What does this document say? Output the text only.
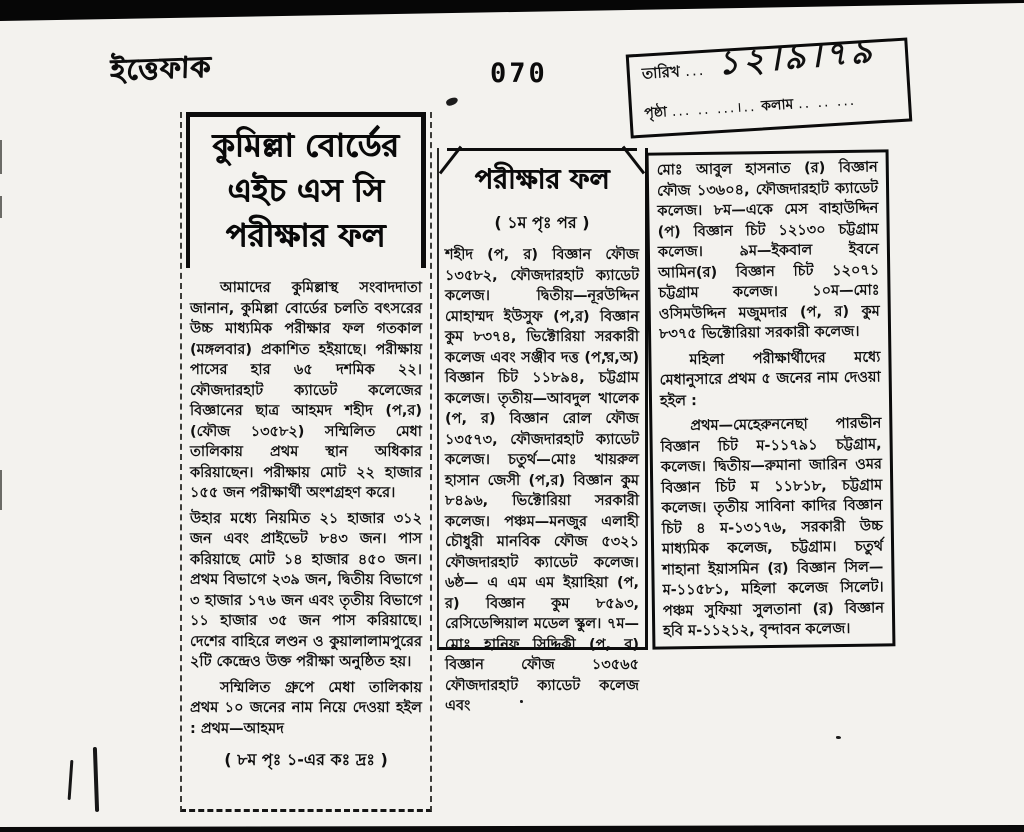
ইত্তেফাক	070	তারিখ ... ১২।৯।৭৯
পৃষ্ঠা ... .. ...।.. কলাম .. .. ...
কুমিল্লা বোর্ডের
এইচ এস সি
পরীক্ষার ফল

আমাদের কুমিল্লাস্থ সংবাদদাতা জানান, কুমিল্লা বোর্ডের চলতি বৎসরের উচ্চ মাধ্যমিক পরীক্ষার ফল গতকাল (মঙ্গলবার) প্রকাশিত হইয়াছে। পরীক্ষায় পাসের হার ৬৫ দশমিক ২২। ফৌজদারহাট ক্যাডেট কলেজের বিজ্ঞানের ছাত্র আহমদ শহীদ (প,র) (ফৌজ ১৩৫৮২) সম্মিলিত মেধা তালিকায় প্রথম স্থান অধিকার করিয়াছেন। পরীক্ষায় মোট ২২ হাজার ১৫৫ জন পরীক্ষার্থী অংশগ্রহণ করে।

উহার মধ্যে নিয়মিত ২১ হাজার ৩১২ জন এবং প্রাইভেট ৮৪৩ জন। পাস করিয়াছে মোট ১৪ হাজার ৪৫০ জন। প্রথম বিভাগে ২৩৯ জন, দ্বিতীয় বিভাগে ৩ হাজার ১৭৬ জন এবং তৃতীয় বিভাগে ১১ হাজার ৩৫ জন পাস করিয়াছে। দেশের বাহিরে লণ্ডন ও কুয়ালালামপুরের ২টি কেন্দ্রেও উক্ত পরীক্ষা অনুষ্ঠিত হয়।

সম্মিলিত গ্রুপে মেধা তালিকায় প্রথম ১০ জনের নাম নিয়ে দেওয়া হইল : প্রথম—আহমদ

( ৮ম পৃঃ ১-এর কঃ দ্রঃ )
পরীক্ষার ফল
( ১ম পৃঃ পর )

শহীদ (প, র) বিজ্ঞান ফৌজ ১৩৫৮২, ফৌজদারহাট ক্যাডেট কলেজ। দ্বিতীয়—নূরউদ্দিন মোহাম্মদ ইউসুফ (প,র) বিজ্ঞান কুম ৮৩৭৪, ভিক্টোরিয়া সরকারী কলেজ এবং সঞ্জীব দত্ত (প,র,অ) বিজ্ঞান চিট ১১৮৯৪, চট্টগ্রাম কলেজ। তৃতীয়—আবদুল খালেক (প, র) বিজ্ঞান রোল ফৌজ ১৩৫৭৩, ফৌজদারহাট ক্যাডেট কলেজ। চতুর্থ—মোঃ খায়রুল হাসান জেসী (প,র) বিজ্ঞান কুম ৮৪৯৬, ভিক্টোরিয়া সরকারী কলেজ। পঞ্চম—মনজুর এলাহী চৌধুরী মানবিক ফৌজ ৫৩২১ ফৌজদারহাট ক্যাডেট কলেজ। ৬ষ্ঠ— এ এম এম ইয়াহিয়া (প, র) বিজ্ঞান কুম ৮৫৯৩, রেসিডেন্সিয়াল মডেল স্কুল। ৭ম—মোঃ হানিফ সিদ্দিকী (প, র) বিজ্ঞান ফৌজ ১৩৫৬৫ ফৌজদারহাট ক্যাডেট কলেজ এবং

মোঃ আবুল হাসনাত (র) বিজ্ঞান ফৌজ ১৩৬০৪, ফৌজদারহাট ক্যাডেট কলেজ। ৮ম—একে মেস বাহাউদ্দিন (প) বিজ্ঞান চিট ১২১৩০ চট্টগ্রাম কলেজ। ৯ম—ইকবাল ইবনে আমিন(র) বিজ্ঞান চিট ১২০৭১ চট্টগ্রাম কলেজ। ১০ম—মোঃ ওসিমউদ্দিন মজুমদার (প, র) কুম ৮৩৭৫ ভিক্টোরিয়া সরকারী কলেজ।

মহিলা পরীক্ষার্থীদের মধ্যে মেধানুসারে প্রথম ৫ জনের নাম দেওয়া হইল :

প্রথম—মেহেরুননেছা পারভীন বিজ্ঞান চিট ম-১১৭৯১ চট্টগ্রাম, কলেজ। দ্বিতীয়—রুমানা জারিন ওমর বিজ্ঞান চিট ম ১১৮১৮, চট্টগ্রাম কলেজ। তৃতীয় সাবিনা কাদির বিজ্ঞান চিট ৪ ম-১৩১৭৬, সরকারী উচ্চ মাধ্যমিক কলেজ, চট্টগ্রাম। চতুর্থ শাহানা ইয়াসমিন (র) বিজ্ঞান সিল—ম-১১৫৮১, মহিলা কলেজ সিলেট। পঞ্চম সুফিয়া সুলতানা (র) বিজ্ঞান হবি ম-১১২১২, বৃন্দাবন কলেজ।
